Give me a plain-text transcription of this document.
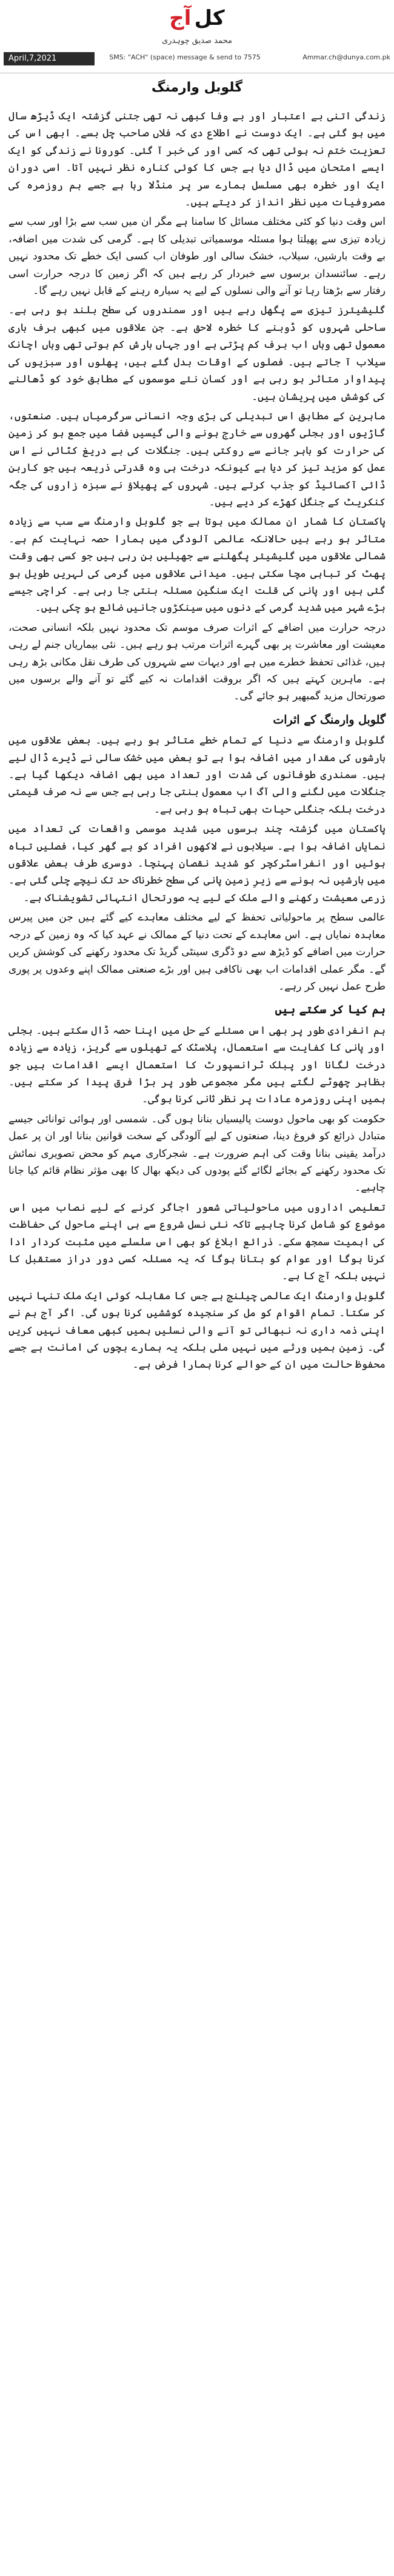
کل آج
محمد صدیق چوہدری
April,7,2021	SMS: "ACH" (space) message & send to 7575	Ammar.ch@dunya.com.pk
گلوبل وارمنگ

زندگی اتنی بے اعتبار اور بے وفا کبھی نہ تھی جتنی گزشتہ ایک ڈیڑھ سال میں ہو گئی ہے۔ ایک دوست نے اطلاع دی کہ فلاں صاحب چل بسے۔ ابھی اس کی تعزیت ختم نہ ہوئی تھی کہ کسی اور کی خبر آ گئی۔ کورونا نے زندگی کو ایک ایسے امتحان میں ڈال دیا ہے جس کا کوئی کنارہ نظر نہیں آتا۔ اسی دوران ایک اور خطرہ بھی مسلسل ہمارے سر پر منڈلا رہا ہے جسے ہم روزمرہ کی مصروفیات میں نظر انداز کر دیتے ہیں۔

اس وقت دنیا کو کئی مختلف مسائل کا سامنا ہے مگر ان میں سب سے بڑا اور سب سے زیادہ تیزی سے پھیلتا ہوا مسئلہ موسمیاتی تبدیلی کا ہے۔ گرمی کی شدت میں اضافہ، بے وقت بارشیں، سیلاب، خشک سالی اور طوفان اب کسی ایک خطے تک محدود نہیں رہے۔ سائنسدان برسوں سے خبردار کر رہے ہیں کہ اگر زمین کا درجہ حرارت اسی رفتار سے بڑھتا رہا تو آنے والی نسلوں کے لیے یہ سیارہ رہنے کے قابل نہیں رہے گا۔

گلیشیئرز تیزی سے پگھل رہے ہیں اور سمندروں کی سطح بلند ہو رہی ہے۔ ساحلی شہروں کو ڈوبنے کا خطرہ لاحق ہے۔ جن علاقوں میں کبھی برف باری معمول تھی وہاں اب برف کم پڑتی ہے اور جہاں بارش کم ہوتی تھی وہاں اچانک سیلاب آ جاتے ہیں۔ فصلوں کے اوقات بدل گئے ہیں، پھلوں اور سبزیوں کی پیداوار متاثر ہو رہی ہے اور کسان نئے موسموں کے مطابق خود کو ڈھالنے کی کوشش میں پریشان ہیں۔

ماہرین کے مطابق اس تبدیلی کی بڑی وجہ انسانی سرگرمیاں ہیں۔ صنعتوں، گاڑیوں اور بجلی گھروں سے خارج ہونے والی گیسیں فضا میں جمع ہو کر زمین کی حرارت کو باہر جانے سے روکتی ہیں۔ جنگلات کی بے دریغ کٹائی نے اس عمل کو مزید تیز کر دیا ہے کیونکہ درخت ہی وہ قدرتی ذریعہ ہیں جو کاربن ڈائی آکسائیڈ کو جذب کرتے ہیں۔ شہروں کے پھیلاؤ نے سبزہ زاروں کی جگہ کنکریٹ کے جنگل کھڑے کر دیے ہیں۔

پاکستان کا شمار ان ممالک میں ہوتا ہے جو گلوبل وارمنگ سے سب سے زیادہ متاثر ہو رہے ہیں حالانکہ عالمی آلودگی میں ہمارا حصہ نہایت کم ہے۔ شمالی علاقوں میں گلیشیئر پگھلنے سے جھیلیں بن رہی ہیں جو کسی بھی وقت پھٹ کر تباہی مچا سکتی ہیں۔ میدانی علاقوں میں گرمی کی لہریں طویل ہو گئی ہیں اور پانی کی قلت ایک سنگین مسئلہ بنتی جا رہی ہے۔ کراچی جیسے بڑے شہر میں شدید گرمی کے دنوں میں سینکڑوں جانیں ضائع ہو چکی ہیں۔

درجہ حرارت میں اضافے کے اثرات صرف موسم تک محدود نہیں بلکہ انسانی صحت، معیشت اور معاشرت پر بھی گہرے اثرات مرتب ہو رہے ہیں۔ نئی بیماریاں جنم لے رہی ہیں، غذائی تحفظ خطرے میں ہے اور دیہات سے شہروں کی طرف نقل مکانی بڑھ رہی ہے۔ ماہرین کہتے ہیں کہ اگر بروقت اقدامات نہ کیے گئے تو آنے والے برسوں میں صورتحال مزید گمبھیر ہو جائے گی۔

گلوبل وارمنگ کے اثرات

گلوبل وارمنگ سے دنیا کے تمام خطے متاثر ہو رہے ہیں۔ بعض علاقوں میں بارشوں کی مقدار میں اضافہ ہوا ہے تو بعض میں خشک سالی نے ڈیرے ڈال لیے ہیں۔ سمندری طوفانوں کی شدت اور تعداد میں بھی اضافہ دیکھا گیا ہے۔ جنگلات میں لگنے والی آگ اب معمول بنتی جا رہی ہے جس سے نہ صرف قیمتی درخت بلکہ جنگلی حیات بھی تباہ ہو رہی ہے۔

پاکستان میں گزشتہ چند برسوں میں شدید موسمی واقعات کی تعداد میں نمایاں اضافہ ہوا ہے۔ سیلابوں نے لاکھوں افراد کو بے گھر کیا، فصلیں تباہ ہوئیں اور انفراسٹرکچر کو شدید نقصان پہنچا۔ دوسری طرف بعض علاقوں میں بارشیں نہ ہونے سے زیرِ زمین پانی کی سطح خطرناک حد تک نیچے چلی گئی ہے۔ زرعی معیشت رکھنے والے ملک کے لیے یہ صورتحال انتہائی تشویشناک ہے۔

عالمی سطح پر ماحولیاتی تحفظ کے لیے مختلف معاہدے کیے گئے ہیں جن میں پیرس معاہدہ نمایاں ہے۔ اس معاہدے کے تحت دنیا کے ممالک نے عہد کیا کہ وہ زمین کے درجہ حرارت میں اضافے کو ڈیڑھ سے دو ڈگری سینٹی گریڈ تک محدود رکھنے کی کوشش کریں گے۔ مگر عملی اقدامات اب بھی ناکافی ہیں اور بڑے صنعتی ممالک اپنے وعدوں پر پوری طرح عمل نہیں کر رہے۔

ہم کیا کر سکتے ہیں

ہم انفرادی طور پر بھی اس مسئلے کے حل میں اپنا حصہ ڈال سکتے ہیں۔ بجلی اور پانی کا کفایت سے استعمال، پلاسٹک کے تھیلوں سے گریز، زیادہ سے زیادہ درخت لگانا اور پبلک ٹرانسپورٹ کا استعمال ایسے اقدامات ہیں جو بظاہر چھوٹے لگتے ہیں مگر مجموعی طور پر بڑا فرق پیدا کر سکتے ہیں۔ ہمیں اپنی روزمرہ عادات پر نظر ثانی کرنا ہوگی۔

حکومت کو بھی ماحول دوست پالیسیاں بنانا ہوں گی۔ شمسی اور ہوائی توانائی جیسے متبادل ذرائع کو فروغ دینا، صنعتوں کے لیے آلودگی کے سخت قوانین بنانا اور ان پر عمل درآمد یقینی بنانا وقت کی اہم ضرورت ہے۔ شجرکاری مہم کو محض تصویری نمائش تک محدود رکھنے کے بجائے لگائے گئے پودوں کی دیکھ بھال کا بھی مؤثر نظام قائم کیا جانا چاہیے۔

تعلیمی اداروں میں ماحولیاتی شعور اجاگر کرنے کے لیے نصاب میں اس موضوع کو شامل کرنا چاہیے تاکہ نئی نسل شروع سے ہی اپنے ماحول کی حفاظت کی اہمیت سمجھ سکے۔ ذرائع ابلاغ کو بھی اس سلسلے میں مثبت کردار ادا کرنا ہوگا اور عوام کو بتانا ہوگا کہ یہ مسئلہ کسی دور دراز مستقبل کا نہیں بلکہ آج کا ہے۔

گلوبل وارمنگ ایک عالمی چیلنج ہے جس کا مقابلہ کوئی ایک ملک تنہا نہیں کر سکتا۔ تمام اقوام کو مل کر سنجیدہ کوششیں کرنا ہوں گی۔ اگر آج ہم نے اپنی ذمہ داری نہ نبھائی تو آنے والی نسلیں ہمیں کبھی معاف نہیں کریں گی۔ زمین ہمیں ورثے میں نہیں ملی بلکہ یہ ہمارے بچوں کی امانت ہے جسے محفوظ حالت میں ان کے حوالے کرنا ہمارا فرض ہے۔
